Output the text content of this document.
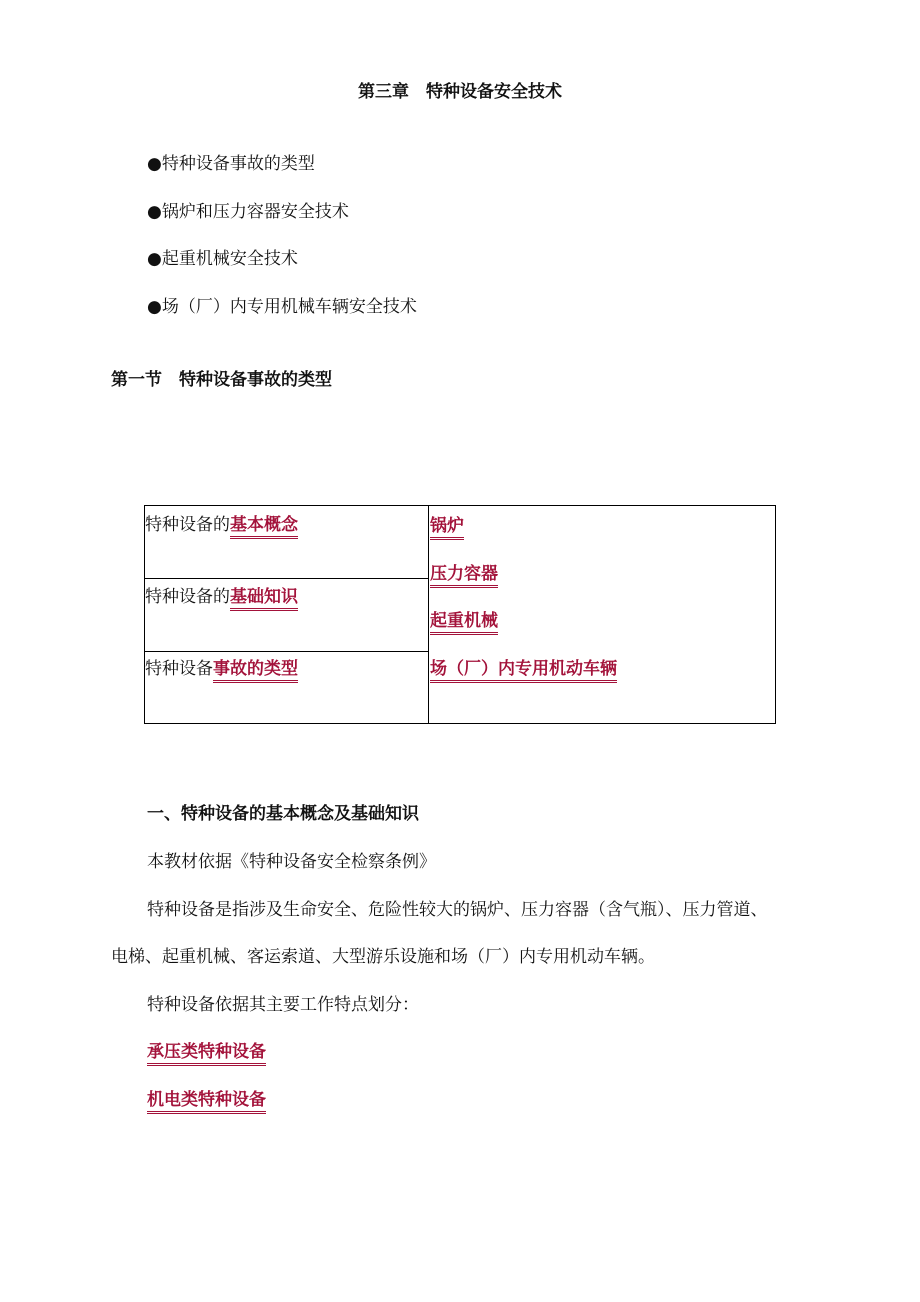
第三章　特种设备安全技术
●特种设备事故的类型
●锅炉和压力容器安全技术
●起重机械安全技术
●场（厂）内专用机械车辆安全技术
第一节　特种设备事故的类型
特种设备的基本概念
特种设备的基础知识
特种设备事故的类型
锅炉
压力容器
起重机械
场（厂）内专用机动车辆
一、特种设备的基本概念及基础知识
本教材依据《特种设备安全检察条例》
特种设备是指涉及生命安全、危险性较大的锅炉、压力容器（含气瓶）、压力管道、
电梯、起重机械、客运索道、大型游乐设施和场（厂）内专用机动车辆。
特种设备依据其主要工作特点划分：
承压类特种设备
机电类特种设备
